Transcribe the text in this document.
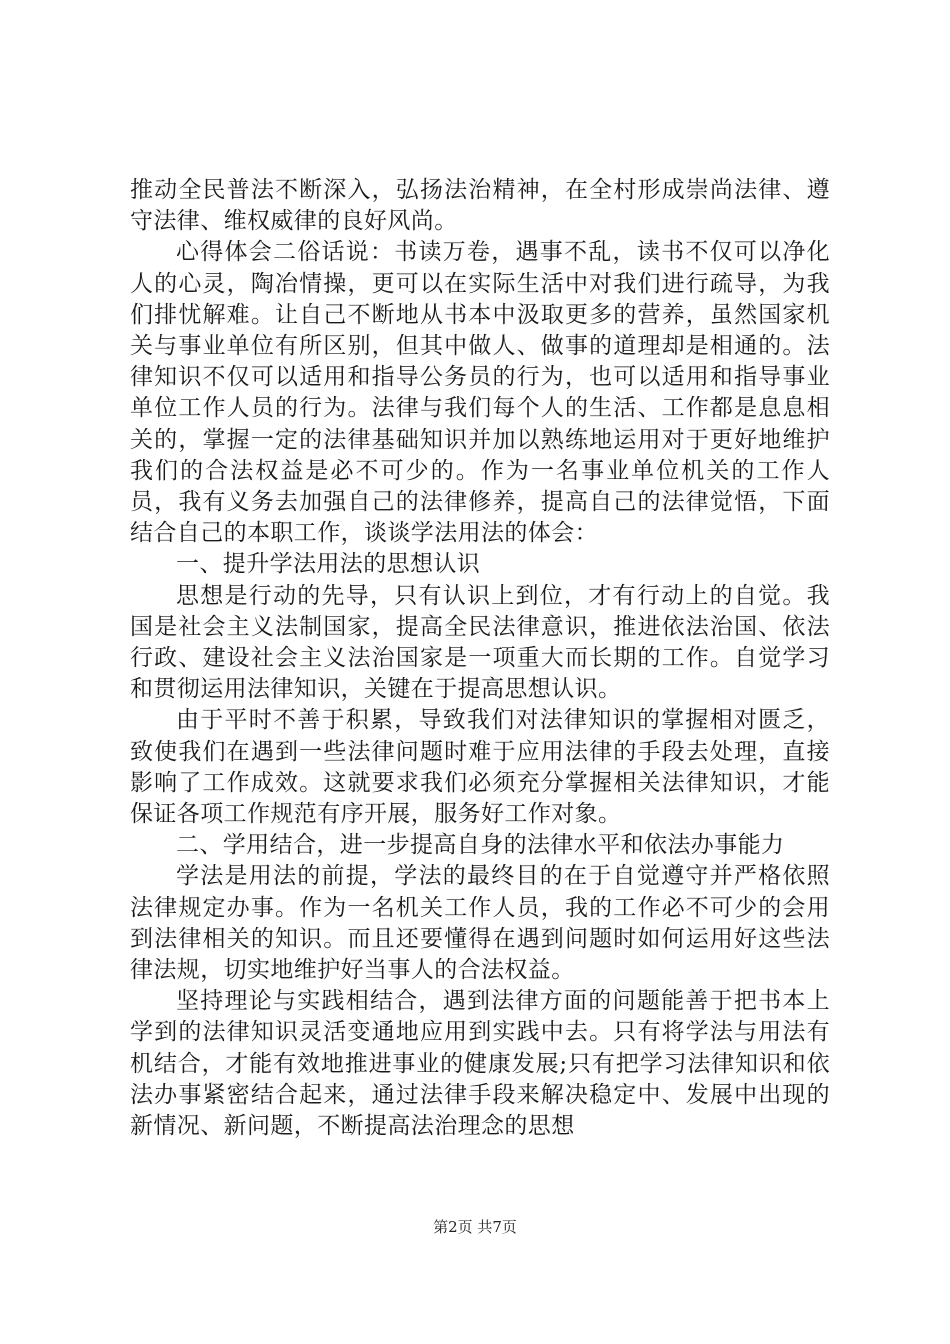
推动全民普法不断深入，弘扬法治精神，在全村形成崇尚法律、遵守法律、维权威律的良好风尚。

心得体会二俗话说：书读万卷，遇事不乱，读书不仅可以净化人的心灵，陶冶情操，更可以在实际生活中对我们进行疏导，为我们排忧解难。让自己不断地从书本中汲取更多的营养，虽然国家机关与事业单位有所区别，但其中做人、做事的道理却是相通的。法律知识不仅可以适用和指导公务员的行为，也可以适用和指导事业单位工作人员的行为。法律与我们每个人的生活、工作都是息息相关的，掌握一定的法律基础知识并加以熟练地运用对于更好地维护我们的合法权益是必不可少的。作为一名事业单位机关的工作人员，我有义务去加强自己的法律修养，提高自己的法律觉悟，下面结合自己的本职工作，谈谈学法用法的体会：

一、提升学法用法的思想认识

思想是行动的先导，只有认识上到位，才有行动上的自觉。我国是社会主义法制国家，提高全民法律意识，推进依法治国、依法行政、建设社会主义法治国家是一项重大而长期的工作。自觉学习和贯彻运用法律知识，关键在于提高思想认识。

由于平时不善于积累，导致我们对法律知识的掌握相对匮乏，致使我们在遇到一些法律问题时难于应用法律的手段去处理，直接影响了工作成效。这就要求我们必须充分掌握相关法律知识，才能保证各项工作规范有序开展，服务好工作对象。

二、学用结合，进一步提高自身的法律水平和依法办事能力

学法是用法的前提，学法的最终目的在于自觉遵守并严格依照法律规定办事。作为一名机关工作人员，我的工作必不可少的会用到法律相关的知识。而且还要懂得在遇到问题时如何运用好这些法律法规，切实地维护好当事人的合法权益。

坚持理论与实践相结合，遇到法律方面的问题能善于把书本上学到的法律知识灵活变通地应用到实践中去。只有将学法与用法有机结合，才能有效地推进事业的健康发展;只有把学习法律知识和依法办事紧密结合起来，通过法律手段来解决稳定中、发展中出现的新情况、新问题，不断提高法治理念的思想

第2页 共7页
